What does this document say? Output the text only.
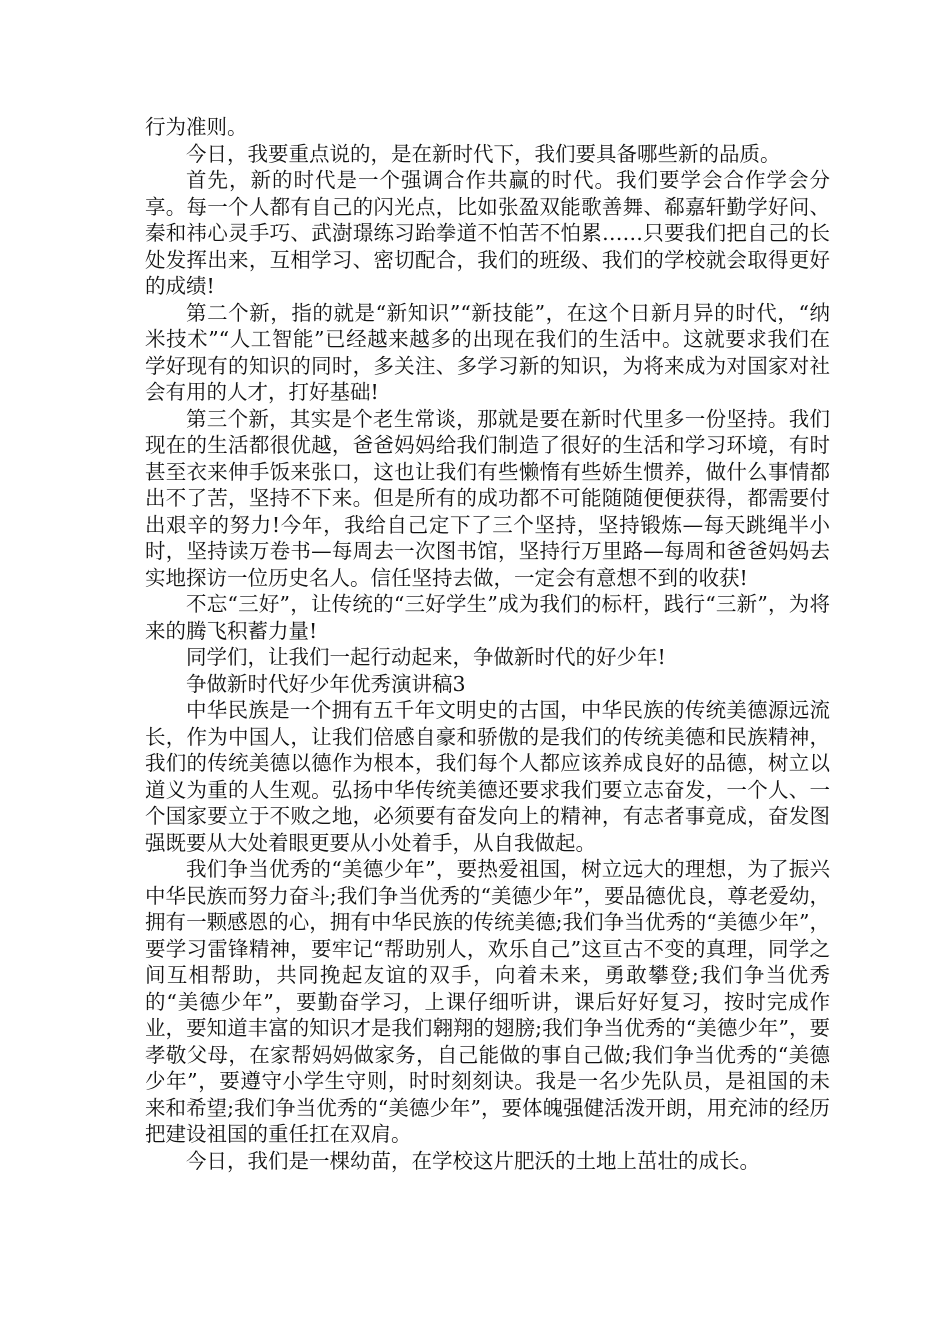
行为准则。

今日，我要重点说的，是在新时代下，我们要具备哪些新的品质。

首先，新的时代是一个强调合作共赢的时代。我们要学会合作学会分享。每一个人都有自己的闪光点，比如张盈双能歌善舞、郗嘉轩勤学好问、秦和祎心灵手巧、武澍璟练习跆拳道不怕苦不怕累……只要我们把自己的长处发挥出来，互相学习、密切配合，我们的班级、我们的学校就会取得更好的成绩!

第二个新，指的就是“新知识”“新技能”，在这个日新月异的时代，“纳米技术”“人工智能”已经越来越多的出现在我们的生活中。这就要求我们在学好现有的知识的同时，多关注、多学习新的知识，为将来成为对国家对社会有用的人才，打好基础!

第三个新，其实是个老生常谈，那就是要在新时代里多一份坚持。我们现在的生活都很优越，爸爸妈妈给我们制造了很好的生活和学习环境，有时甚至衣来伸手饭来张口，这也让我们有些懒惰有些娇生惯养，做什么事情都出不了苦，坚持不下来。但是所有的成功都不可能随随便便获得，都需要付出艰辛的努力!今年，我给自己定下了三个坚持，坚持锻炼—每天跳绳半小时，坚持读万卷书—每周去一次图书馆，坚持行万里路—每周和爸爸妈妈去实地探访一位历史名人。信任坚持去做，一定会有意想不到的收获!

不忘“三好”，让传统的“三好学生”成为我们的标杆，践行“三新”，为将来的腾飞积蓄力量!

同学们，让我们一起行动起来，争做新时代的好少年!

争做新时代好少年优秀演讲稿3

中华民族是一个拥有五千年文明史的古国，中华民族的传统美德源远流长，作为中国人，让我们倍感自豪和骄傲的是我们的传统美德和民族精神，我们的传统美德以德作为根本，我们每个人都应该养成良好的品德，树立以道义为重的人生观。弘扬中华传统美德还要求我们要立志奋发，一个人、一个国家要立于不败之地，必须要有奋发向上的精神，有志者事竟成，奋发图强既要从大处着眼更要从小处着手，从自我做起。

我们争当优秀的“美德少年”，要热爱祖国，树立远大的理想，为了振兴中华民族而努力奋斗;我们争当优秀的“美德少年”，要品德优良，尊老爱幼，拥有一颗感恩的心，拥有中华民族的传统美德;我们争当优秀的“美德少年”，要学习雷锋精神，要牢记“帮助别人，欢乐自己”这亘古不变的真理，同学之间互相帮助，共同挽起友谊的双手，向着未来，勇敢攀登;我们争当优秀的“美德少年”，要勤奋学习，上课仔细听讲，课后好好复习，按时完成作业，要知道丰富的知识才是我们翱翔的翅膀;我们争当优秀的“美德少年”，要孝敬父母，在家帮妈妈做家务，自己能做的事自己做;我们争当优秀的“美德少年”，要遵守小学生守则，时时刻刻诀。我是一名少先队员，是祖国的未来和希望;我们争当优秀的“美德少年”，要体魄强健活泼开朗，用充沛的经历把建设祖国的重任扛在双肩。

今日，我们是一棵幼苗，在学校这片肥沃的土地上茁壮的成长。
